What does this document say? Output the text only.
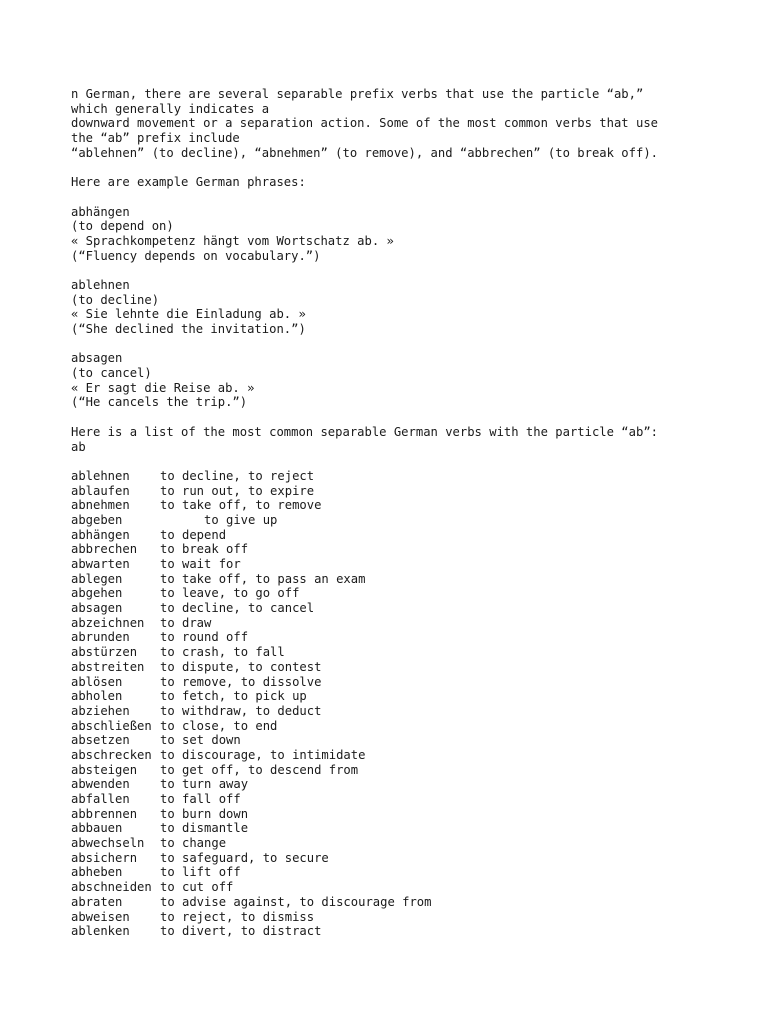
n German, there are several separable prefix verbs that use the particle “ab,”
which generally indicates a
downward movement or a separation action. Some of the most common verbs that use
the “ab” prefix include
“ablehnen” (to decline), “abnehmen” (to remove), and “abbrechen” (to break off).
Here are example German phrases:
abhängen
(to depend on)
« Sprachkompetenz hängt vom Wortschatz ab. »
(“Fluency depends on vocabulary.”)
ablehnen
(to decline)
« Sie lehnte die Einladung ab. »
(“She declined the invitation.”)
absagen
(to cancel)
« Er sagt die Reise ab. »
(“He cancels the trip.”)
Here is a list of the most common separable German verbs with the particle “ab”:
ab
ablehnen	to decline, to reject
ablaufen	to run out, to expire
abnehmen	to take off, to remove
abgeben	to give up
abhängen	to depend
abbrechen	to break off
abwarten	to wait for
ablegen	to take off, to pass an exam
abgehen	to leave, to go off
absagen	to decline, to cancel
abzeichnen	to draw
abrunden	to round off
abstürzen	to crash, to fall
abstreiten	to dispute, to contest
ablösen	to remove, to dissolve
abholen	to fetch, to pick up
abziehen	to withdraw, to deduct
abschließen to close, to end
absetzen	to set down
abschrecken to discourage, to intimidate
absteigen	to get off, to descend from
abwenden	to turn away
abfallen	to fall off
abbrennen	to burn down
abbauen	to dismantle
abwechseln	to change
absichern	to safeguard, to secure
abheben	to lift off
abschneiden to cut off
abraten	to advise against, to discourage from
abweisen	to reject, to dismiss
ablenken	to divert, to distract
